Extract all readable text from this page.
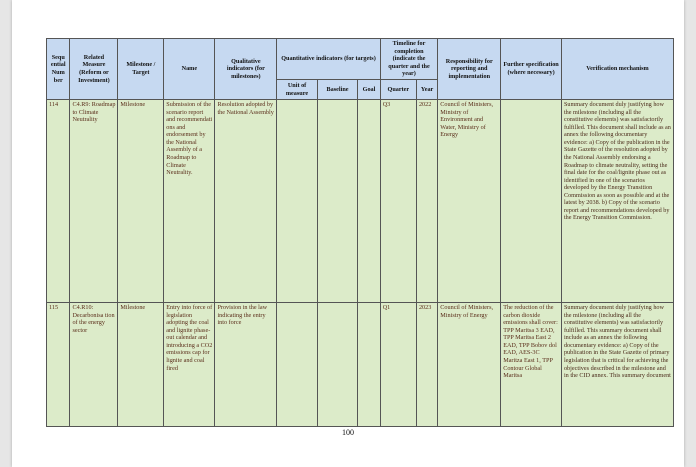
Sequ ential Num ber	Related Measure (Reform or Investment)	Milestone / Target	Name	Qualitative indicators (for milestones)	Quantitative indicators (for targets)			Timeline for completion (indicate the quarter and the year)		Responsibility for reporting and implementation	Further specification (where necessary)	Verification mechanism
					Unit of measure	Baseline	Goal	Quarter	Year			
114	C4.R9: Roadmap to Climate Neutrality	Milestone	Submission of the scenario report and recommendati ons and endorsement by the National Assembly of a Roadmap to Climate Neutrality.	Resolution adopted by the National Assembly				Q3	2022	Council of Ministers, Ministry of Environment and Water, Ministry of Energy		Summary document duly justifying how the milestone (including all the constitutive elements) was satisfactorily fulfilled. This document shall include as an annex the following documentary evidence: a) Copy of the publication in the State Gazette of the resolution adopted by the National Assembly endorsing a Roadmap to climate neutrality, setting the final date for the coal/lignite phase out as identified in one of the scenarios developed by the Energy Transition Commission as soon as possible and at the latest by 2038. b) Copy of the scenario report and recommendations developed by the Energy Transition Commission.
115	C4.R10: Decarbonisa tion of the energy sector	Milestone	Entry into force of legislation adopting the coal and lignite phase-out calendar and introducing a CO2 emissions cap for lignite and coal fired	Provision in the law indicating the entry into force				Q1	2023	Council of Ministers, Ministry of Energy	The reduction of the carbon dioxide emissions shall cover: TPP Maritsa 3 EAD, TPP Maritsa East 2 EAD, TPP Bobov dol EAD, AES-3C Maritza East 1, TPP Contour Global Maritsa	Summary document duly justifying how the milestone (including all the constitutive elements) was satisfactorily fulfilled. This summary document shall include as an annex the following documentary evidence: a) Copy of the publication in the State Gazette of primary legislation that is critical for achieving the objectives described in the milestone and in the CID annex. This summary document
100
